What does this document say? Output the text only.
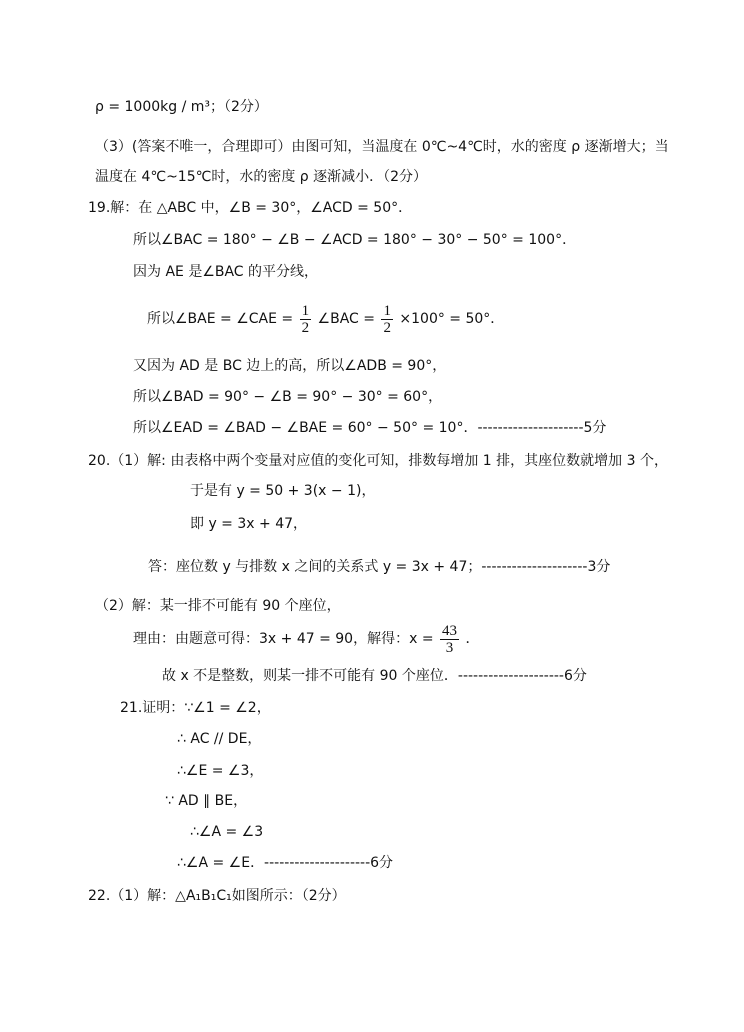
ρ = 1000kg / m³；（2分）
（3）(答案不唯一，合理即可）由图可知，当温度在 0℃~4℃时，水的密度 ρ 逐渐增大；当
温度在 4℃~15℃时，水的密度 ρ 逐渐减小．（2分）
19.解：在 △ABC 中，∠B = 30°，∠ACD = 50°．
所以∠BAC = 180° − ∠B − ∠ACD = 180° − 30° − 50° = 100°．
因为 AE 是∠BAC 的平分线，
所以∠BAE = ∠CAE = $\frac{1}{2}$ ∠BAC = $\frac{1}{2} \times 100^\circ = 50^\circ$．
又因为 AD 是 BC 边上的高，所以∠ADB = 90°，
所以∠BAD = 90° − ∠B = 90° − 30° = 60°，
所以∠EAD = ∠BAD − ∠BAE = 60° − 50° = 10°．---------------------5分
20.（1）解: 由表格中两个变量对应值的变化可知，排数每增加 1 排，其座位数就增加 3 个，
于是有 y = 50 + 3(x − 1)，
即 y = 3x + 47，
答：座位数 y 与排数 x 之间的关系式 y = 3x + 47；---------------------3分
（2）解：某一排不可能有 90 个座位，
理由：由题意可得：3x + 47 = 90，解得：$x = \frac{43}{3}$ ．
故 x 不是整数，则某一排不可能有 90 个座位．---------------------6分
21.证明：∵∠1 = ∠2，
∴ AC // DE，
∴∠E = ∠3，
∵ AD ∥ BE，
∴∠A = ∠3
∴∠A = ∠E．---------------------6分
22.（1）解：△A₁B₁C₁如图所示：（2分）
